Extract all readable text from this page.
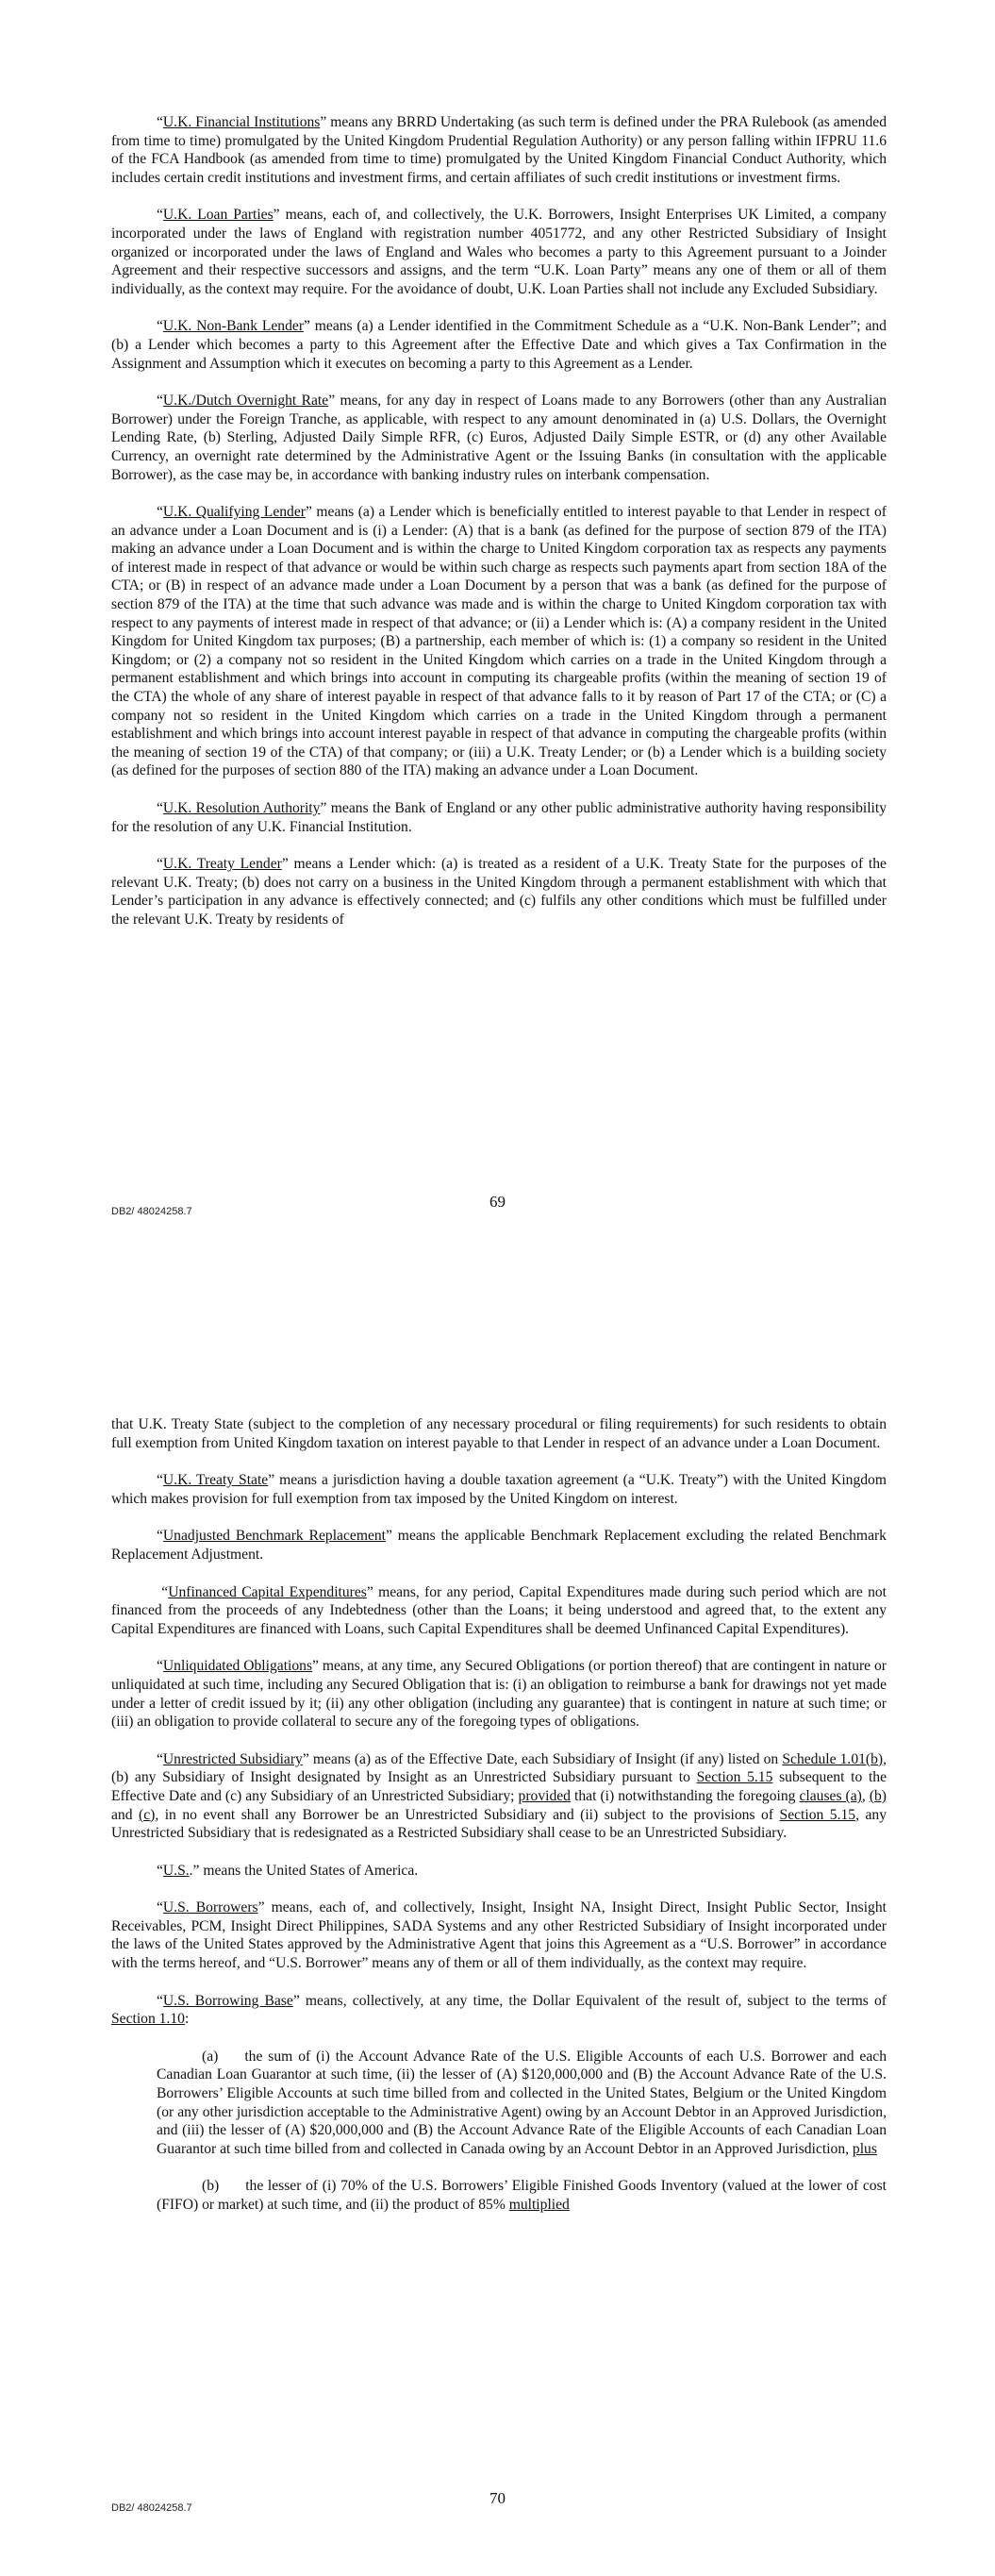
“U.K. Financial Institutions” means any BRRD Undertaking (as such term is defined under the PRA Rulebook (as amended from time to time) promulgated by the United Kingdom Prudential Regulation Authority) or any person falling within IFPRU 11.6 of the FCA Handbook (as amended from time to time) promulgated by the United Kingdom Financial Conduct Authority, which includes certain credit institutions and investment firms, and certain affiliates of such credit institutions or investment firms.

“U.K. Loan Parties” means, each of, and collectively, the U.K. Borrowers, Insight Enterprises UK Limited, a company incorporated under the laws of England with registration number 4051772, and any other Restricted Subsidiary of Insight organized or incorporated under the laws of England and Wales who becomes a party to this Agreement pursuant to a Joinder Agreement and their respective successors and assigns, and the term “U.K. Loan Party” means any one of them or all of them individually, as the context may require. For the avoidance of doubt, U.K. Loan Parties shall not include any Excluded Subsidiary.

“U.K. Non-Bank Lender” means (a) a Lender identified in the Commitment Schedule as a “U.K. Non-Bank Lender”; and (b) a Lender which becomes a party to this Agreement after the Effective Date and which gives a Tax Confirmation in the Assignment and Assumption which it executes on becoming a party to this Agreement as a Lender.

“U.K./Dutch Overnight Rate” means, for any day in respect of Loans made to any Borrowers (other than any Australian Borrower) under the Foreign Tranche, as applicable, with respect to any amount denominated in (a) U.S. Dollars, the Overnight Lending Rate, (b) Sterling, Adjusted Daily Simple RFR, (c) Euros, Adjusted Daily Simple ESTR, or (d) any other Available Currency, an overnight rate determined by the Administrative Agent or the Issuing Banks (in consultation with the applicable Borrower), as the case may be, in accordance with banking industry rules on interbank compensation.

“U.K. Qualifying Lender” means (a) a Lender which is beneficially entitled to interest payable to that Lender in respect of an advance under a Loan Document and is (i) a Lender: (A) that is a bank (as defined for the purpose of section 879 of the ITA) making an advance under a Loan Document and is within the charge to United Kingdom corporation tax as respects any payments of interest made in respect of that advance or would be within such charge as respects such payments apart from section 18A of the CTA; or (B) in respect of an advance made under a Loan Document by a person that was a bank (as defined for the purpose of section 879 of the ITA) at the time that such advance was made and is within the charge to United Kingdom corporation tax with respect to any payments of interest made in respect of that advance; or (ii) a Lender which is: (A) a company resident in the United Kingdom for United Kingdom tax purposes; (B) a partnership, each member of which is: (1) a company so resident in the United Kingdom; or (2) a company not so resident in the United Kingdom which carries on a trade in the United Kingdom through a permanent establishment and which brings into account in computing its chargeable profits (within the meaning of section 19 of the CTA) the whole of any share of interest payable in respect of that advance falls to it by reason of Part 17 of the CTA; or (C) a company not so resident in the United Kingdom which carries on a trade in the United Kingdom through a permanent establishment and which brings into account interest payable in respect of that advance in computing the chargeable profits (within the meaning of section 19 of the CTA) of that company; or (iii) a U.K. Treaty Lender; or (b) a Lender which is a building society (as defined for the purposes of section 880 of the ITA) making an advance under a Loan Document.

“U.K. Resolution Authority” means the Bank of England or any other public administrative authority having responsibility for the resolution of any U.K. Financial Institution.

“U.K. Treaty Lender” means a Lender which: (a) is treated as a resident of a U.K. Treaty State for the purposes of the relevant U.K. Treaty; (b) does not carry on a business in the United Kingdom through a permanent establishment with which that Lender’s participation in any advance is effectively connected; and (c) fulfils any other conditions which must be fulfilled under the relevant U.K. Treaty by residents of

DB2/ 48024258.7
69

that U.K. Treaty State (subject to the completion of any necessary procedural or filing requirements) for such residents to obtain full exemption from United Kingdom taxation on interest payable to that Lender in respect of an advance under a Loan Document.

“U.K. Treaty State” means a jurisdiction having a double taxation agreement (a “U.K. Treaty”) with the United Kingdom which makes provision for full exemption from tax imposed by the United Kingdom on interest.

“Unadjusted Benchmark Replacement” means the applicable Benchmark Replacement excluding the related Benchmark Replacement Adjustment.

“Unfinanced Capital Expenditures” means, for any period, Capital Expenditures made during such period which are not financed from the proceeds of any Indebtedness (other than the Loans; it being understood and agreed that, to the extent any Capital Expenditures are financed with Loans, such Capital Expenditures shall be deemed Unfinanced Capital Expenditures).

“Unliquidated Obligations” means, at any time, any Secured Obligations (or portion thereof) that are contingent in nature or unliquidated at such time, including any Secured Obligation that is: (i) an obligation to reimburse a bank for drawings not yet made under a letter of credit issued by it; (ii) any other obligation (including any guarantee) that is contingent in nature at such time; or (iii) an obligation to provide collateral to secure any of the foregoing types of obligations.

“Unrestricted Subsidiary” means (a) as of the Effective Date, each Subsidiary of Insight (if any) listed on Schedule 1.01(b), (b) any Subsidiary of Insight designated by Insight as an Unrestricted Subsidiary pursuant to Section 5.15 subsequent to the Effective Date and (c) any Subsidiary of an Unrestricted Subsidiary; provided that (i) notwithstanding the foregoing clauses (a), (b) and (c), in no event shall any Borrower be an Unrestricted Subsidiary and (ii) subject to the provisions of Section 5.15, any Unrestricted Subsidiary that is redesignated as a Restricted Subsidiary shall cease to be an Unrestricted Subsidiary.

“U.S..” means the United States of America.

“U.S. Borrowers” means, each of, and collectively, Insight, Insight NA, Insight Direct, Insight Public Sector, Insight Receivables, PCM, Insight Direct Philippines, SADA Systems and any other Restricted Subsidiary of Insight incorporated under the laws of the United States approved by the Administrative Agent that joins this Agreement as a “U.S. Borrower” in accordance with the terms hereof, and “U.S. Borrower” means any of them or all of them individually, as the context may require.

“U.S. Borrowing Base” means, collectively, at any time, the Dollar Equivalent of the result of, subject to the terms of Section 1.10:

(a) the sum of (i) the Account Advance Rate of the U.S. Eligible Accounts of each U.S. Borrower and each Canadian Loan Guarantor at such time, (ii) the lesser of (A) $120,000,000 and (B) the Account Advance Rate of the U.S. Borrowers’ Eligible Accounts at such time billed from and collected in the United States, Belgium or the United Kingdom (or any other jurisdiction acceptable to the Administrative Agent) owing by an Account Debtor in an Approved Jurisdiction, and (iii) the lesser of (A) $20,000,000 and (B) the Account Advance Rate of the Eligible Accounts of each Canadian Loan Guarantor at such time billed from and collected in Canada owing by an Account Debtor in an Approved Jurisdiction, plus

(b) the lesser of (i) 70% of the U.S. Borrowers’ Eligible Finished Goods Inventory (valued at the lower of cost (FIFO) or market) at such time, and (ii) the product of 85% multiplied

DB2/ 48024258.7
70
